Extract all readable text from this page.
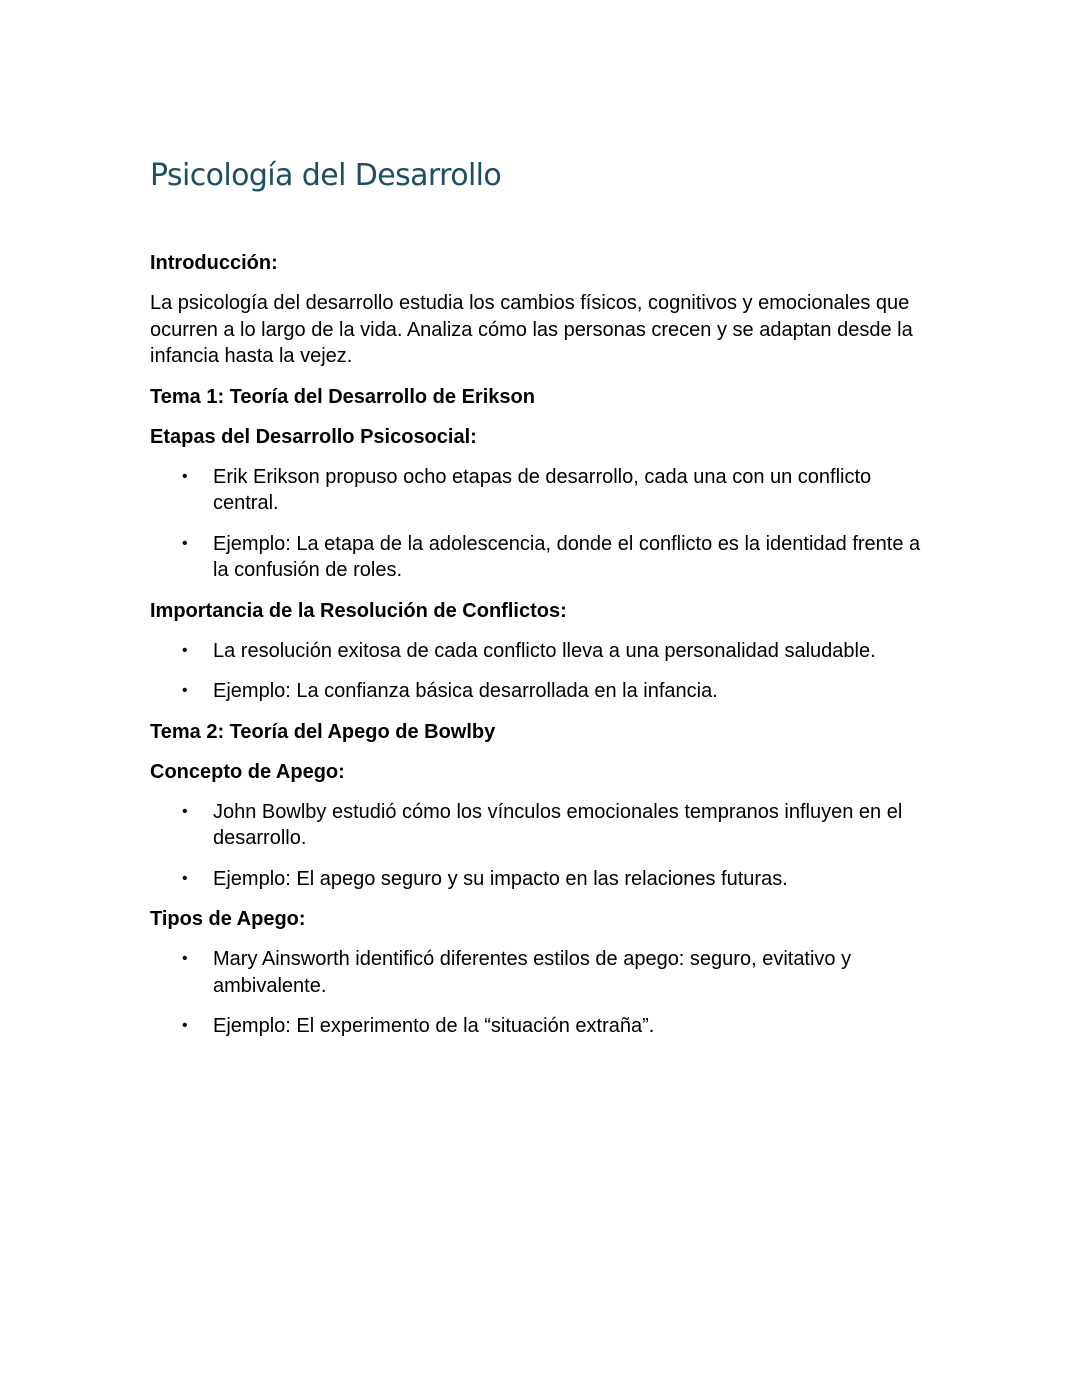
Psicología del Desarrollo
Introducción:

La psicología del desarrollo estudia los cambios físicos, cognitivos y emocionales que ocurren a lo largo de la vida. Analiza cómo las personas crecen y se adaptan desde la infancia hasta la vejez.

Tema 1: Teoría del Desarrollo de Erikson
Etapas del Desarrollo Psicosocial:
• Erik Erikson propuso ocho etapas de desarrollo, cada una con un conflicto central.
• Ejemplo: La etapa de la adolescencia, donde el conflicto es la identidad frente a la confusión de roles.
Importancia de la Resolución de Conflictos:
• La resolución exitosa de cada conflicto lleva a una personalidad saludable.
• Ejemplo: La confianza básica desarrollada en la infancia.
Tema 2: Teoría del Apego de Bowlby
Concepto de Apego:
• John Bowlby estudió cómo los vínculos emocionales tempranos influyen en el desarrollo.
• Ejemplo: El apego seguro y su impacto en las relaciones futuras.
Tipos de Apego:
• Mary Ainsworth identificó diferentes estilos de apego: seguro, evitativo y ambivalente.
• Ejemplo: El experimento de la “situación extraña”.
